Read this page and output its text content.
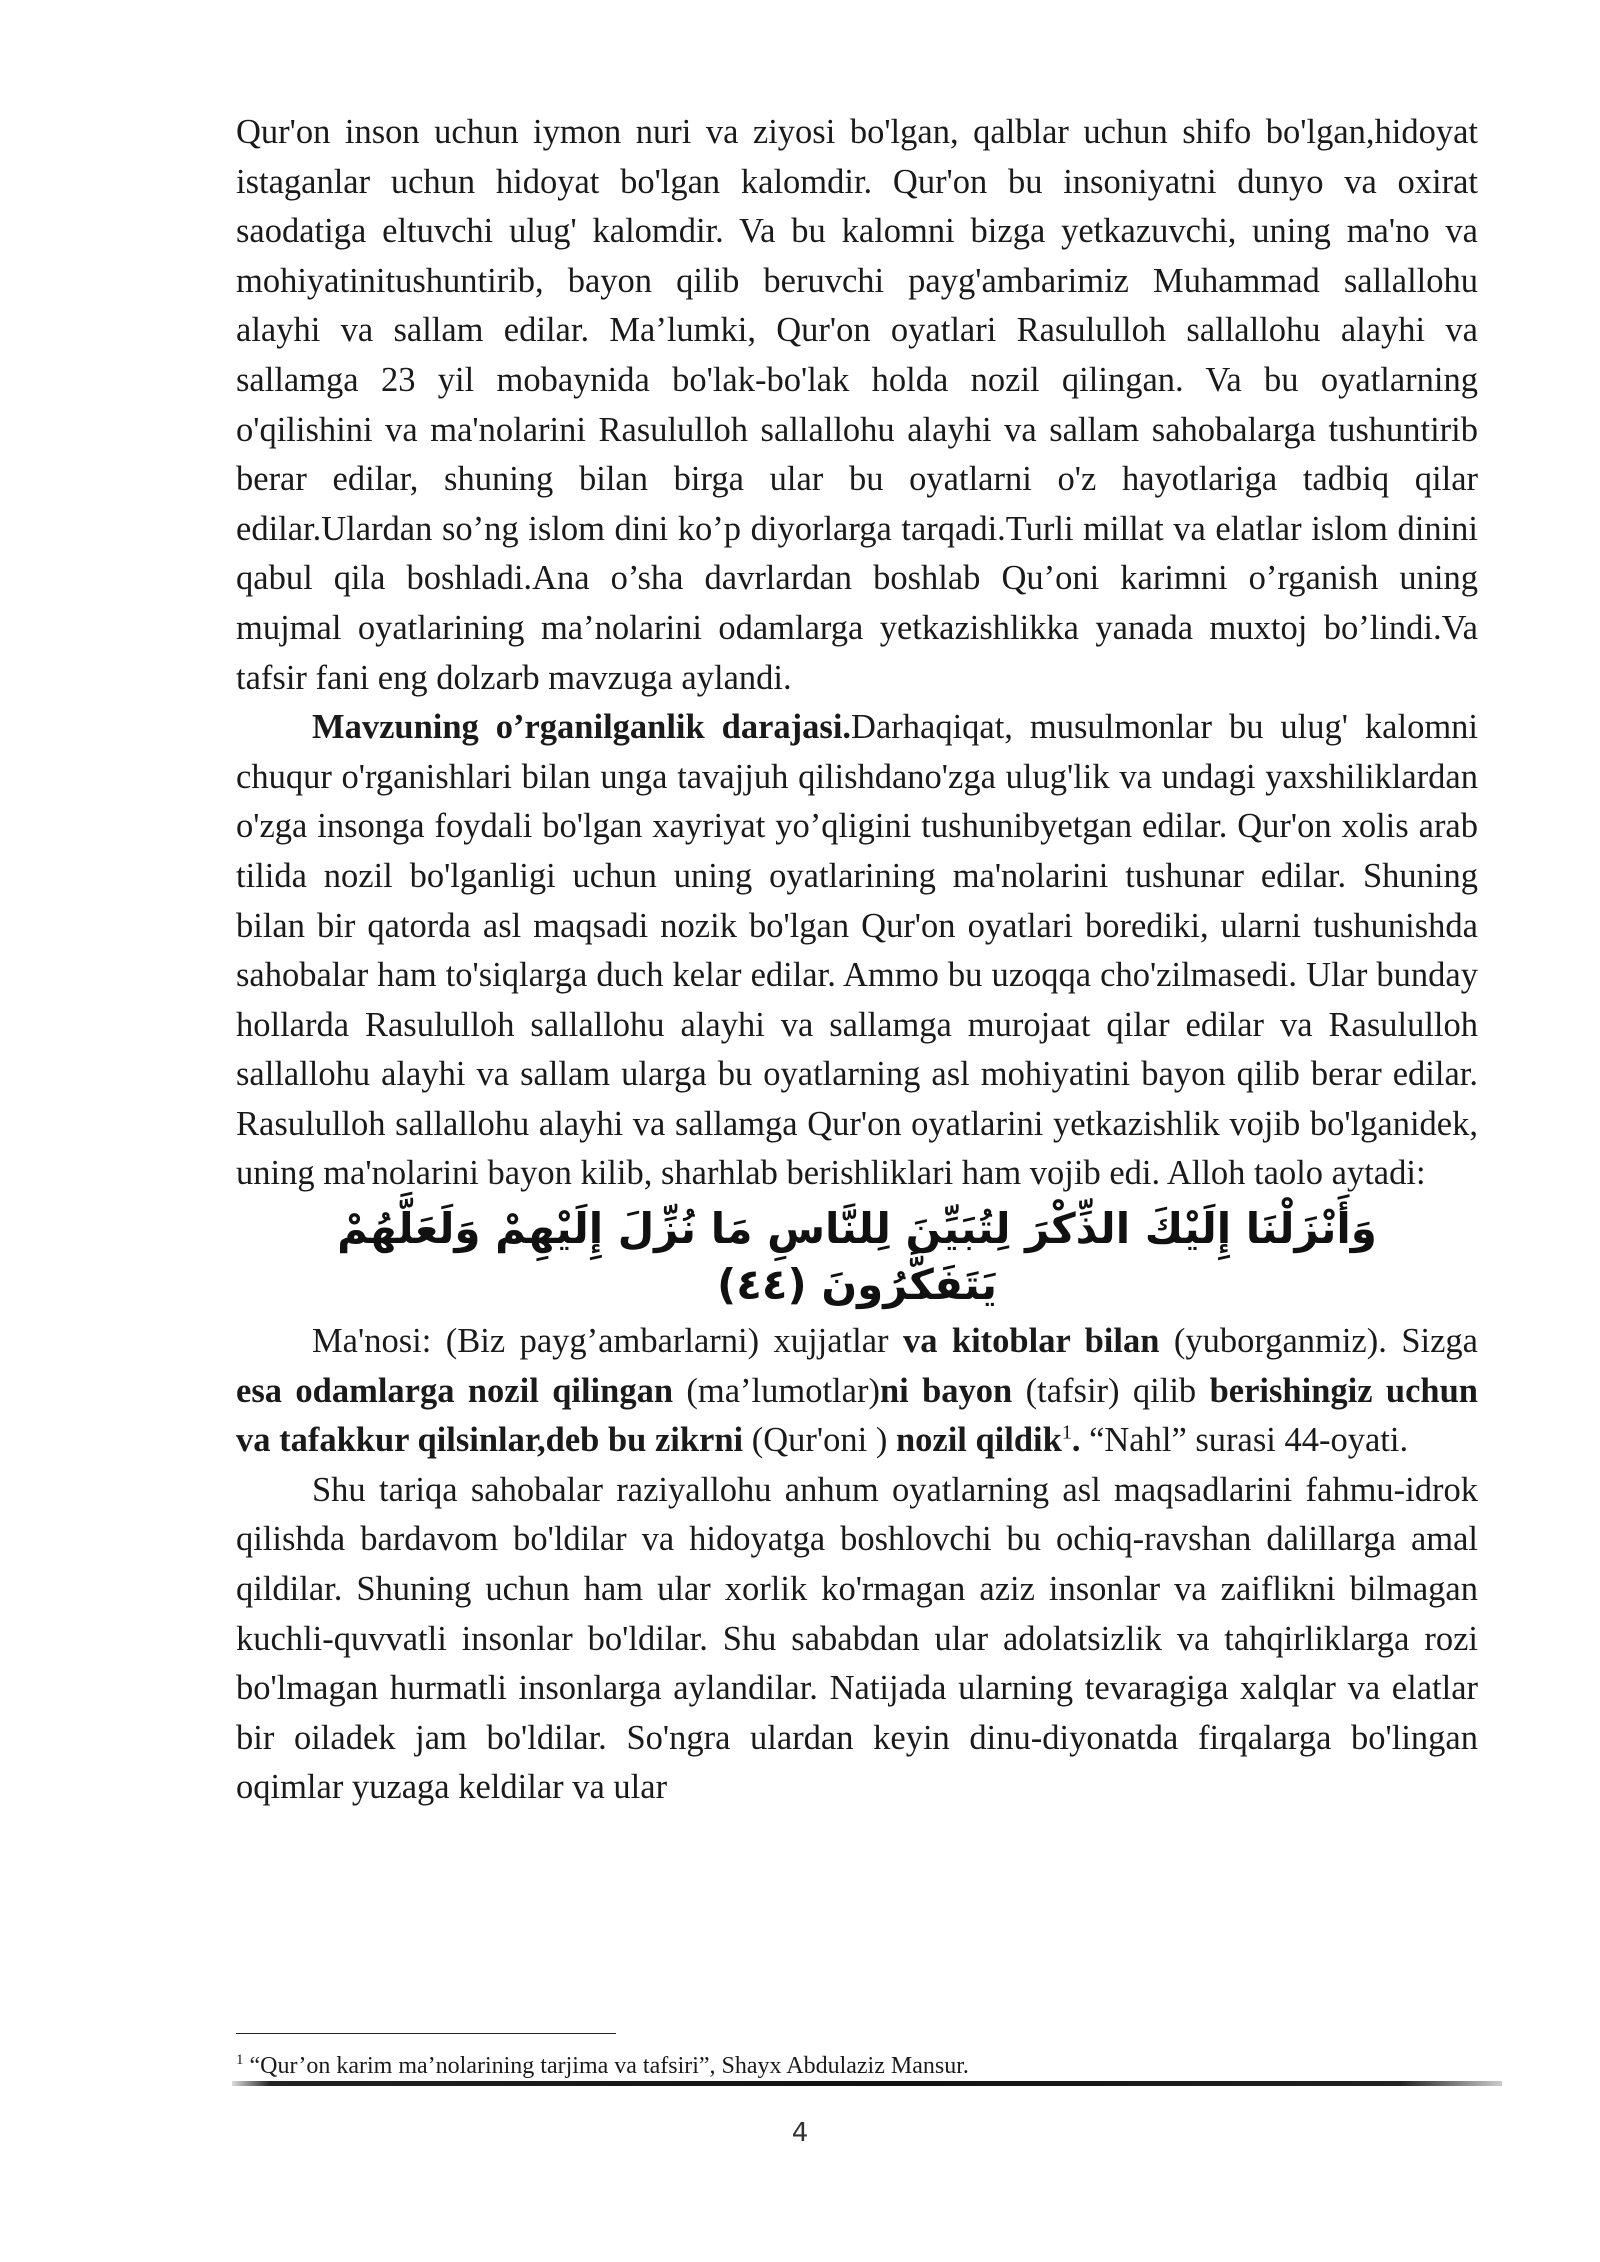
Qur'on inson uchun iymon nuri va ziyosi bo'lgan, qalblar uchun shifo bo'lgan,hidoyat istaganlar uchun hidoyat bo'lgan kalomdir. Qur'on bu insoniyatni dunyo va oxirat saodatiga eltuvchi ulug' kalomdir. Va bu kalomni bizga yetkazuvchi, uning ma'no va mohiyatinitushuntirib, bayon qilib beruvchi payg'ambarimiz Muhammad sallallohu alayhi va sallam edilar. Ma’lumki, Qur'on oyatlari Rasululloh sallallohu alayhi va sallamga 23 yil mobaynida bo'lak-bo'lak holda nozil qilingan. Va bu oyatlarning o'qilishini va ma'nolarini Rasululloh sallallohu alayhi va sallam sahobalarga tushuntirib berar edilar, shuning bilan birga ular bu oyatlarni o'z hayotlariga tadbiq qilar edilar.Ulardan so’ng islom dini ko’p diyorlarga tarqadi.Turli millat va elatlar islom dinini qabul qila boshladi.Ana o’sha davrlardan boshlab Qu’oni karimni o’rganish uning mujmal oyatlarining ma’nolarini odamlarga yetkazishlikka yanada muxtoj bo’lindi.Va tafsir fani eng dolzarb mavzuga aylandi.

Mavzuning o’rganilganlik darajasi.Darhaqiqat, musulmonlar bu ulug' kalomni chuqur o'rganishlari bilan unga tavajjuh qilishdano'zga ulug'lik va undagi yaxshiliklardan o'zga insonga foydali bo'lgan xayriyat yo’qligini tushunibyetgan edilar. Qur'on xolis arab tilida nozil bo'lganligi uchun uning oyatlarining ma'nolarini tushunar edilar. Shuning bilan bir qatorda asl maqsadi nozik bo'lgan Qur'on oyatlari borediki, ularni tushunishda sahobalar ham to'siqlarga duch kelar edilar. Ammo bu uzoqqa cho'zilmasedi. Ular bunday hollarda Rasululloh sallallohu alayhi va sallamga murojaat qilar edilar va Rasululloh sallallohu alayhi va sallam ularga bu oyatlarning asl mohiyatini bayon qilib berar edilar. Rasululloh sallallohu alayhi va sallamga Qur'on oyatlarini yetkazishlik vojib bo'lganidek, uning ma'nolarini bayon kilib, sharhlab berishliklari ham vojib edi. Alloh taolo aytadi:

وَأَنْزَلْنَا إِلَيْكَ الذِّكْرَ لِتُبَيِّنَ لِلنَّاسِ مَا نُزِّلَ إِلَيْهِمْ وَلَعَلَّهُمْ يَتَفَكَّرُونَ (٤٤)

Ma'nosi: (Biz payg’ambarlarni) xujjatlar va kitoblar bilan (yuborganmiz). Sizga esa odamlarga nozil qilingan (ma’lumotlar)ni bayon (tafsir) qilib berishingiz uchun va tafakkur qilsinlar,deb bu zikrni (Qur'oni ) nozil qildik$^1$. “Nahl” surasi 44-oyati.

Shu tariqa sahobalar raziyallohu anhum oyatlarning asl maqsadlarini fahmu-idrok qilishda bardavom bo'ldilar va hidoyatga boshlovchi bu ochiq-ravshan dalillarga amal qildilar. Shuning uchun ham ular xorlik ko'rmagan aziz insonlar va zaiflikni bilmagan kuchli-quvvatli insonlar bo'ldilar. Shu sababdan ular adolatsizlik va tahqirliklarga rozi bo'lmagan hurmatli insonlarga aylandilar. Natijada ularning tevaragiga xalqlar va elatlar bir oiladek jam bo'ldilar. So'ngra ulardan keyin dinu-diyonatda firqalarga bo'lingan oqimlar yuzaga keldilar va ular

$^1$ “Qur’on karim ma’nolarining tarjima va tafsiri”, Shayx Abdulaziz Mansur.
4
